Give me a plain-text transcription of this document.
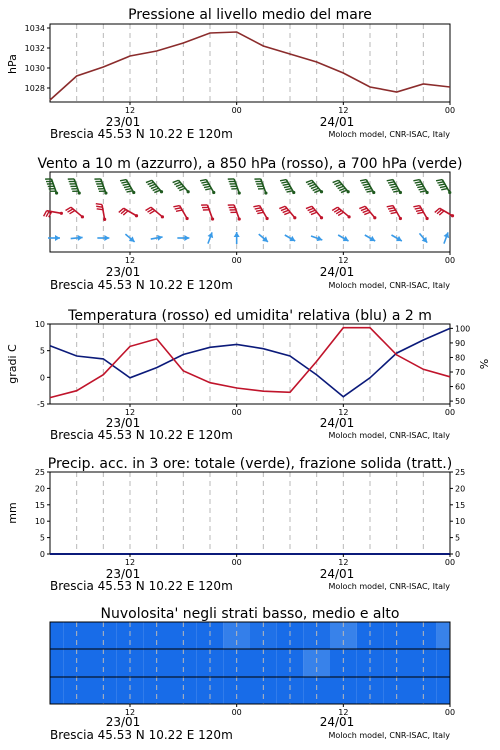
Pressione al livello medio del mare
hPa
1028
1030
1032
1034
12	00	12	00
23/01	24/01
Brescia 45.53 N 10.22 E 120m	Moloch model, CNR-ISAC, Italy
Vento a 10 m (azzurro), a 850 hPa (rosso), a 700 hPa (verde)
12	00	12	00
23/01	24/01
Brescia 45.53 N 10.22 E 120m	Moloch model, CNR-ISAC, Italy
Temperatura (rosso) ed umidita' relativa (blu) a 2 m
gradi C	%
-5
0
5
10
50
60
70
80
90
100
12	00	12	00
23/01	24/01
Brescia 45.53 N 10.22 E 120m	Moloch model, CNR-ISAC, Italy
Precip. acc. in 3 ore: totale (verde), frazione solida (tratt.)
mm
0
5
10
15
20
25
0
5
10
15
20
25
12	00	12	00
23/01	24/01
Brescia 45.53 N 10.22 E 120m	Moloch model, CNR-ISAC, Italy
Nuvolosita' negli strati basso, medio e alto
12	00	12	00
23/01	24/01
Brescia 45.53 N 10.22 E 120m	Moloch model, CNR-ISAC, Italy
